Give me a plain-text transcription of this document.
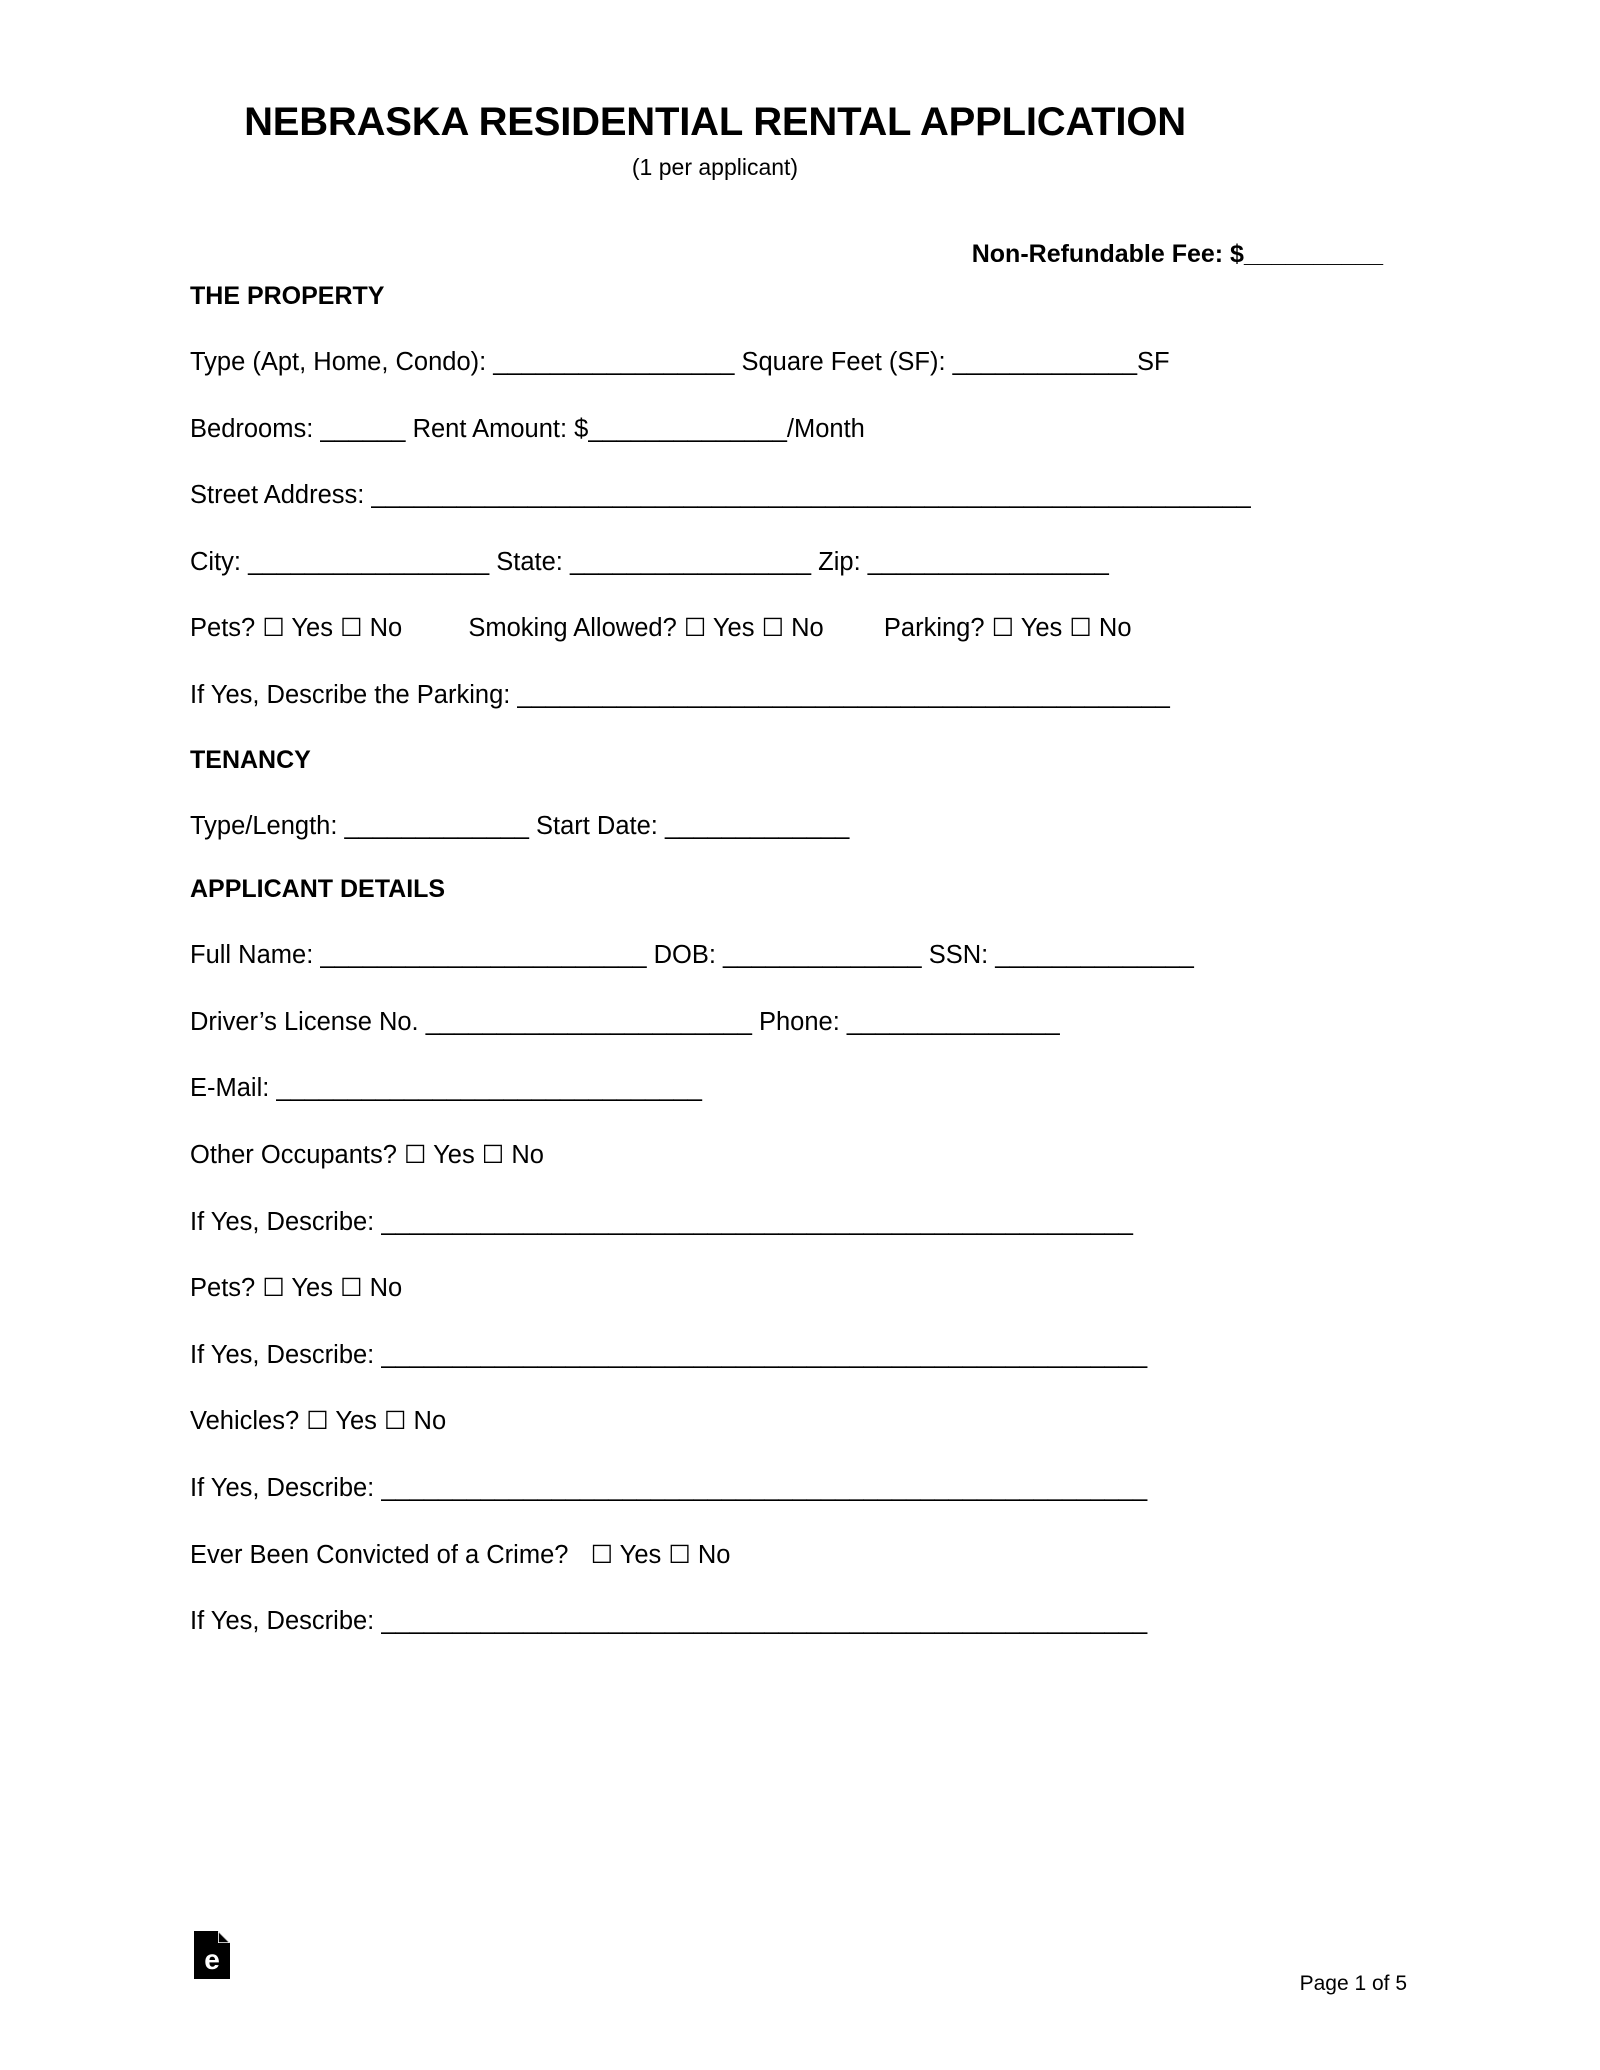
NEBRASKA RESIDENTIAL RENTAL APPLICATION
(1 per applicant)
Non-Refundable Fee: $__________
THE PROPERTY
Type (Apt, Home, Condo): _________________ Square Feet (SF): _____________SF
Bedrooms: ______ Rent Amount: $______________/Month
Street Address: ______________________________________________________________
City: _________________ State: _________________ Zip: _________________
Pets? ☐ Yes ☐ No	Smoking Allowed? ☐ Yes ☐ No Parking? ☐ Yes ☐ No
If Yes, Describe the Parking: ______________________________________________
TENANCY
Type/Length: _____________ Start Date: _____________
APPLICANT DETAILS
Full Name: _______________________ DOB: ______________ SSN: ______________
Driver’s License No. _______________________ Phone: _______________
E-Mail: ______________________________
Other Occupants? ☐ Yes ☐ No
If Yes, Describe: _____________________________________________________
Pets? ☐ Yes ☐ No
If Yes, Describe: ______________________________________________________
Vehicles? ☐ Yes ☐ No
If Yes, Describe: ______________________________________________________
Ever Been Convicted of a Crime? ☐ Yes ☐ No
If Yes, Describe: ______________________________________________________
e
Page 1 of 5
